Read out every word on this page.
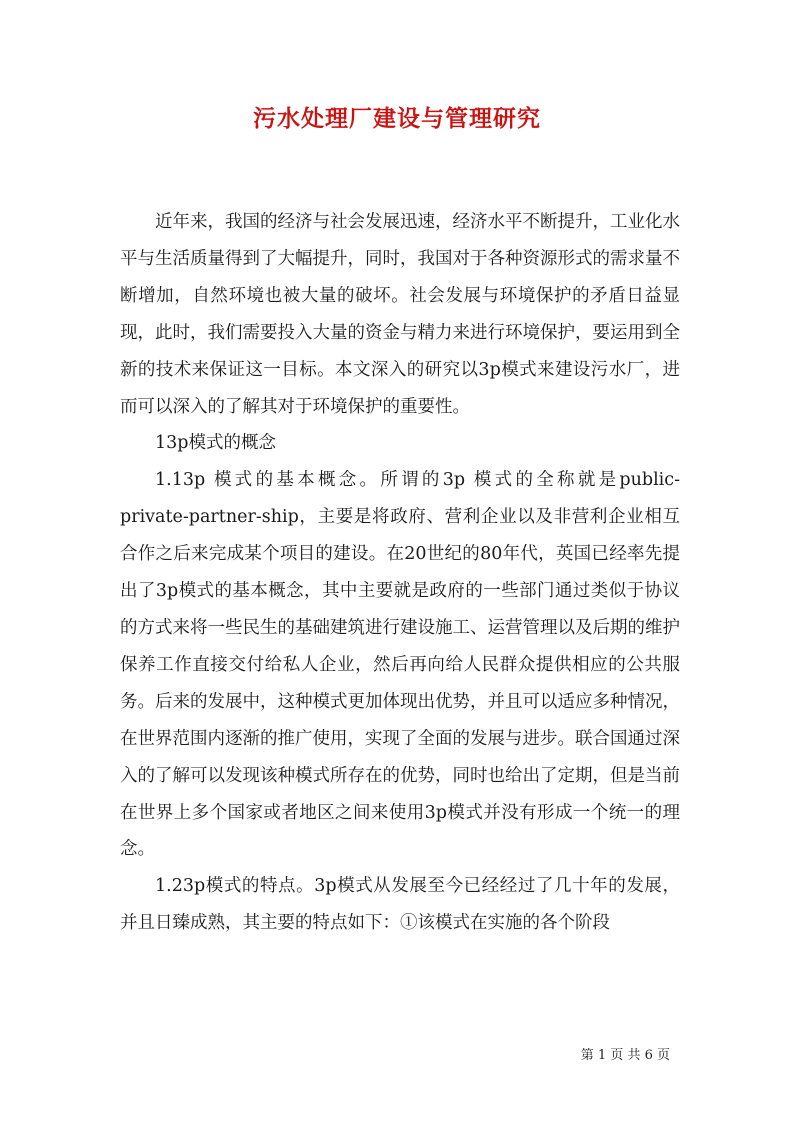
污水处理厂建设与管理研究

近年来，我国的经济与社会发展迅速，经济水平不断提升，工业化水平与生活质量得到了大幅提升，同时，我国对于各种资源形式的需求量不断增加，自然环境也被大量的破坏。社会发展与环境保护的矛盾日益显现，此时，我们需要投入大量的资金与精力来进行环境保护，要运用到全新的技术来保证这一目标。本文深入的研究以3p模式来建设污水厂，进而可以深入的了解其对于环境保护的重要性。

13p模式的概念

1.13p 模式的基本概念。所谓的3p 模式的全称就是public-private-partner-ship，主要是将政府、营利企业以及非营利企业相互合作之后来完成某个项目的建设。在20世纪的80年代，英国已经率先提出了3p模式的基本概念，其中主要就是政府的一些部门通过类似于协议的方式来将一些民生的基础建筑进行建设施工、运营管理以及后期的维护保养工作直接交付给私人企业，然后再向给人民群众提供相应的公共服务。后来的发展中，这种模式更加体现出优势，并且可以适应多种情况，在世界范围内逐渐的推广使用，实现了全面的发展与进步。联合国通过深入的了解可以发现该种模式所存在的优势，同时也给出了定期，但是当前在世界上多个国家或者地区之间来使用3p模式并没有形成一个统一的理念。

1.23p模式的特点。3p模式从发展至今已经经过了几十年的发展，并且日臻成熟，其主要的特点如下：①该模式在实施的各个阶段

第 1 页 共 6 页
